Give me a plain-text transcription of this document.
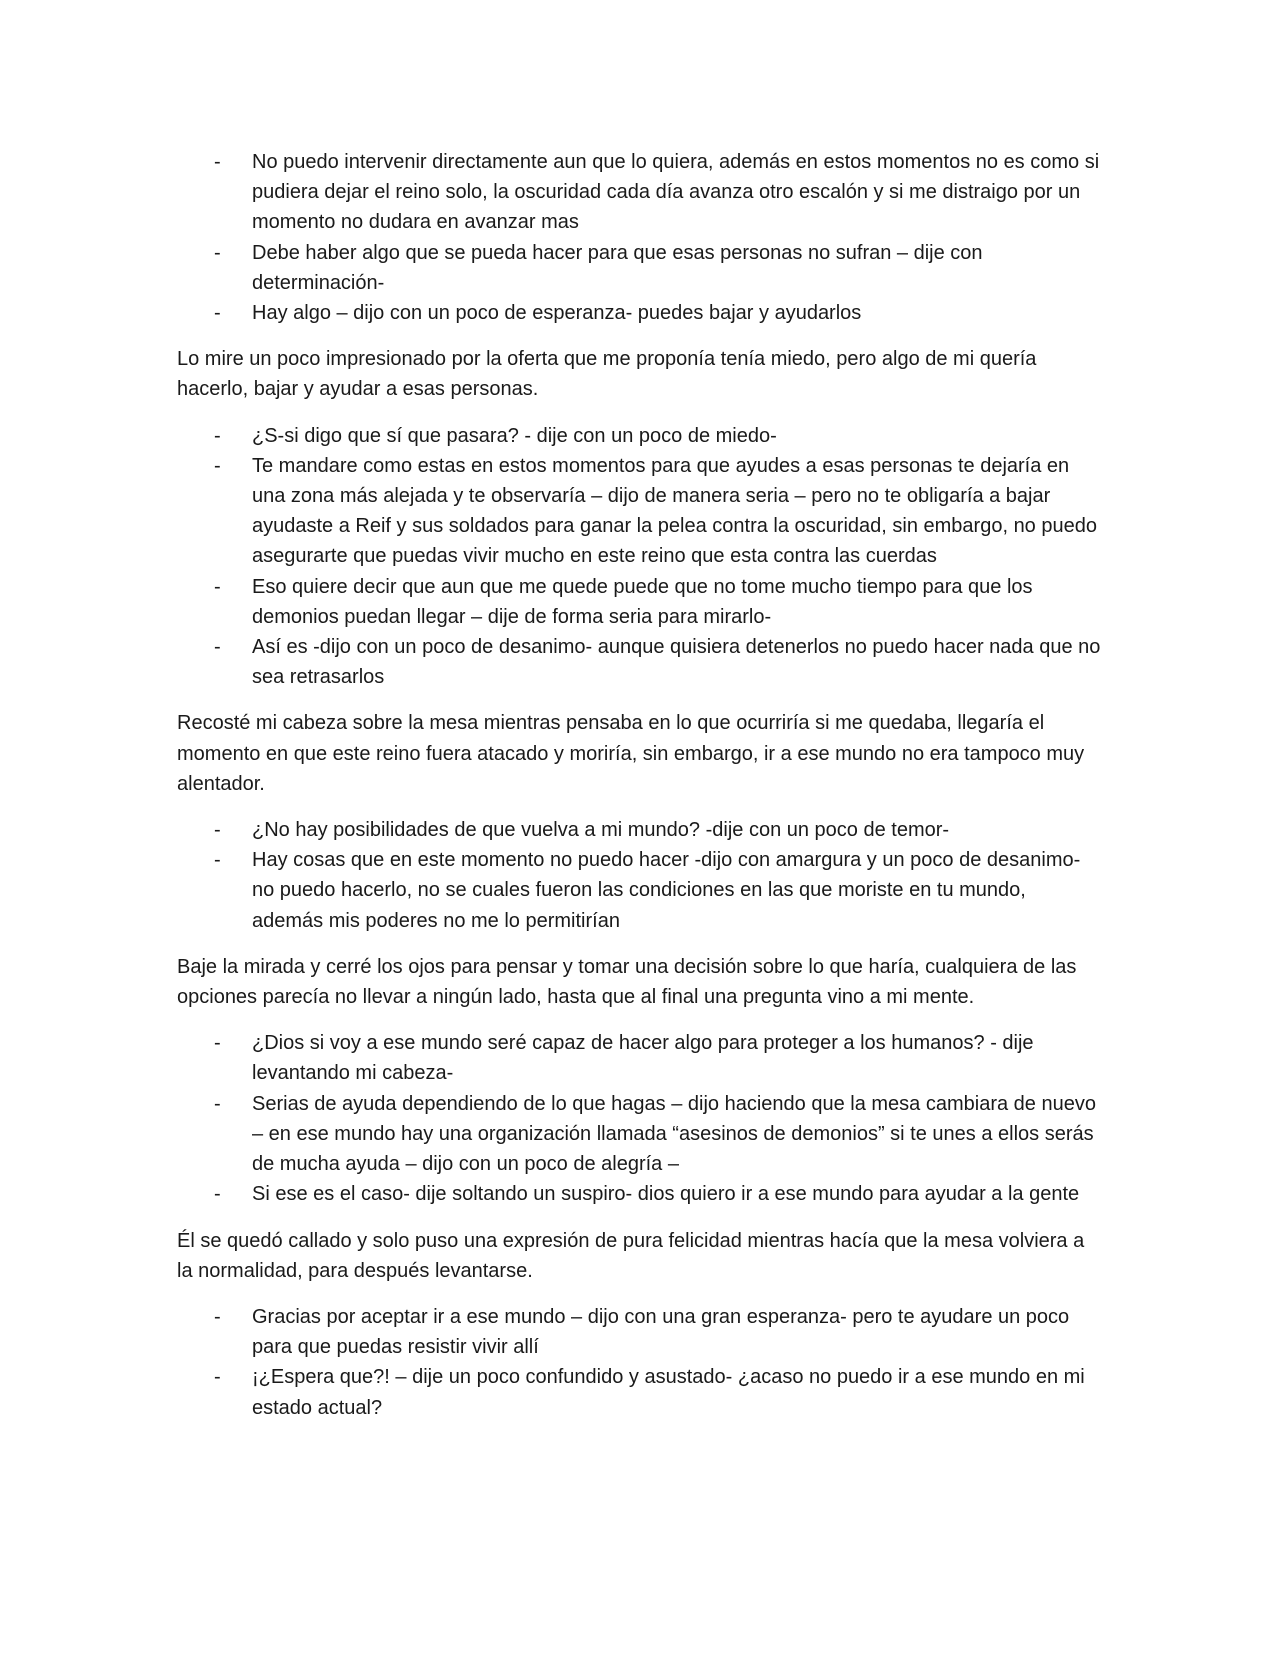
- No puedo intervenir directamente aun que lo quiera, además en estos momentos no es como si pudiera dejar el reino solo, la oscuridad cada día avanza otro escalón y si me distraigo por un momento no dudara en avanzar mas
- Debe haber algo que se pueda hacer para que esas personas no sufran – dije con determinación-
- Hay algo – dijo con un poco de esperanza- puedes bajar y ayudarlos

Lo mire un poco impresionado por la oferta que me proponía tenía miedo, pero algo de mi quería hacerlo, bajar y ayudar a esas personas.

- ¿S-si digo que sí que pasara? - dije con un poco de miedo-
- Te mandare como estas en estos momentos para que ayudes a esas personas te dejaría en una zona más alejada y te observaría – dijo de manera seria – pero no te obligaría a bajar ayudaste a Reif y sus soldados para ganar la pelea contra la oscuridad, sin embargo, no puedo asegurarte que puedas vivir mucho en este reino que esta contra las cuerdas
- Eso quiere decir que aun que me quede puede que no tome mucho tiempo para que los demonios puedan llegar – dije de forma seria para mirarlo-
- Así es -dijo con un poco de desanimo- aunque quisiera detenerlos no puedo hacer nada que no sea retrasarlos

Recosté mi cabeza sobre la mesa mientras pensaba en lo que ocurriría si me quedaba, llegaría el momento en que este reino fuera atacado y moriría, sin embargo, ir a ese mundo no era tampoco muy alentador.

- ¿No hay posibilidades de que vuelva a mi mundo? -dije con un poco de temor-
- Hay cosas que en este momento no puedo hacer -dijo con amargura y un poco de desanimo- no puedo hacerlo, no se cuales fueron las condiciones en las que moriste en tu mundo, además mis poderes no me lo permitirían

Baje la mirada y cerré los ojos para pensar y tomar una decisión sobre lo que haría, cualquiera de las opciones parecía no llevar a ningún lado, hasta que al final una pregunta vino a mi mente.

- ¿Dios si voy a ese mundo seré capaz de hacer algo para proteger a los humanos? - dije levantando mi cabeza-
- Serias de ayuda dependiendo de lo que hagas – dijo haciendo que la mesa cambiara de nuevo – en ese mundo hay una organización llamada “asesinos de demonios” si te unes a ellos serás de mucha ayuda – dijo con un poco de alegría –
- Si ese es el caso- dije soltando un suspiro- dios quiero ir a ese mundo para ayudar a la gente

Él se quedó callado y solo puso una expresión de pura felicidad mientras hacía que la mesa volviera a la normalidad, para después levantarse.

- Gracias por aceptar ir a ese mundo – dijo con una gran esperanza- pero te ayudare un poco para que puedas resistir vivir allí
- ¡¿Espera que?! – dije un poco confundido y asustado- ¿acaso no puedo ir a ese mundo en mi estado actual?
